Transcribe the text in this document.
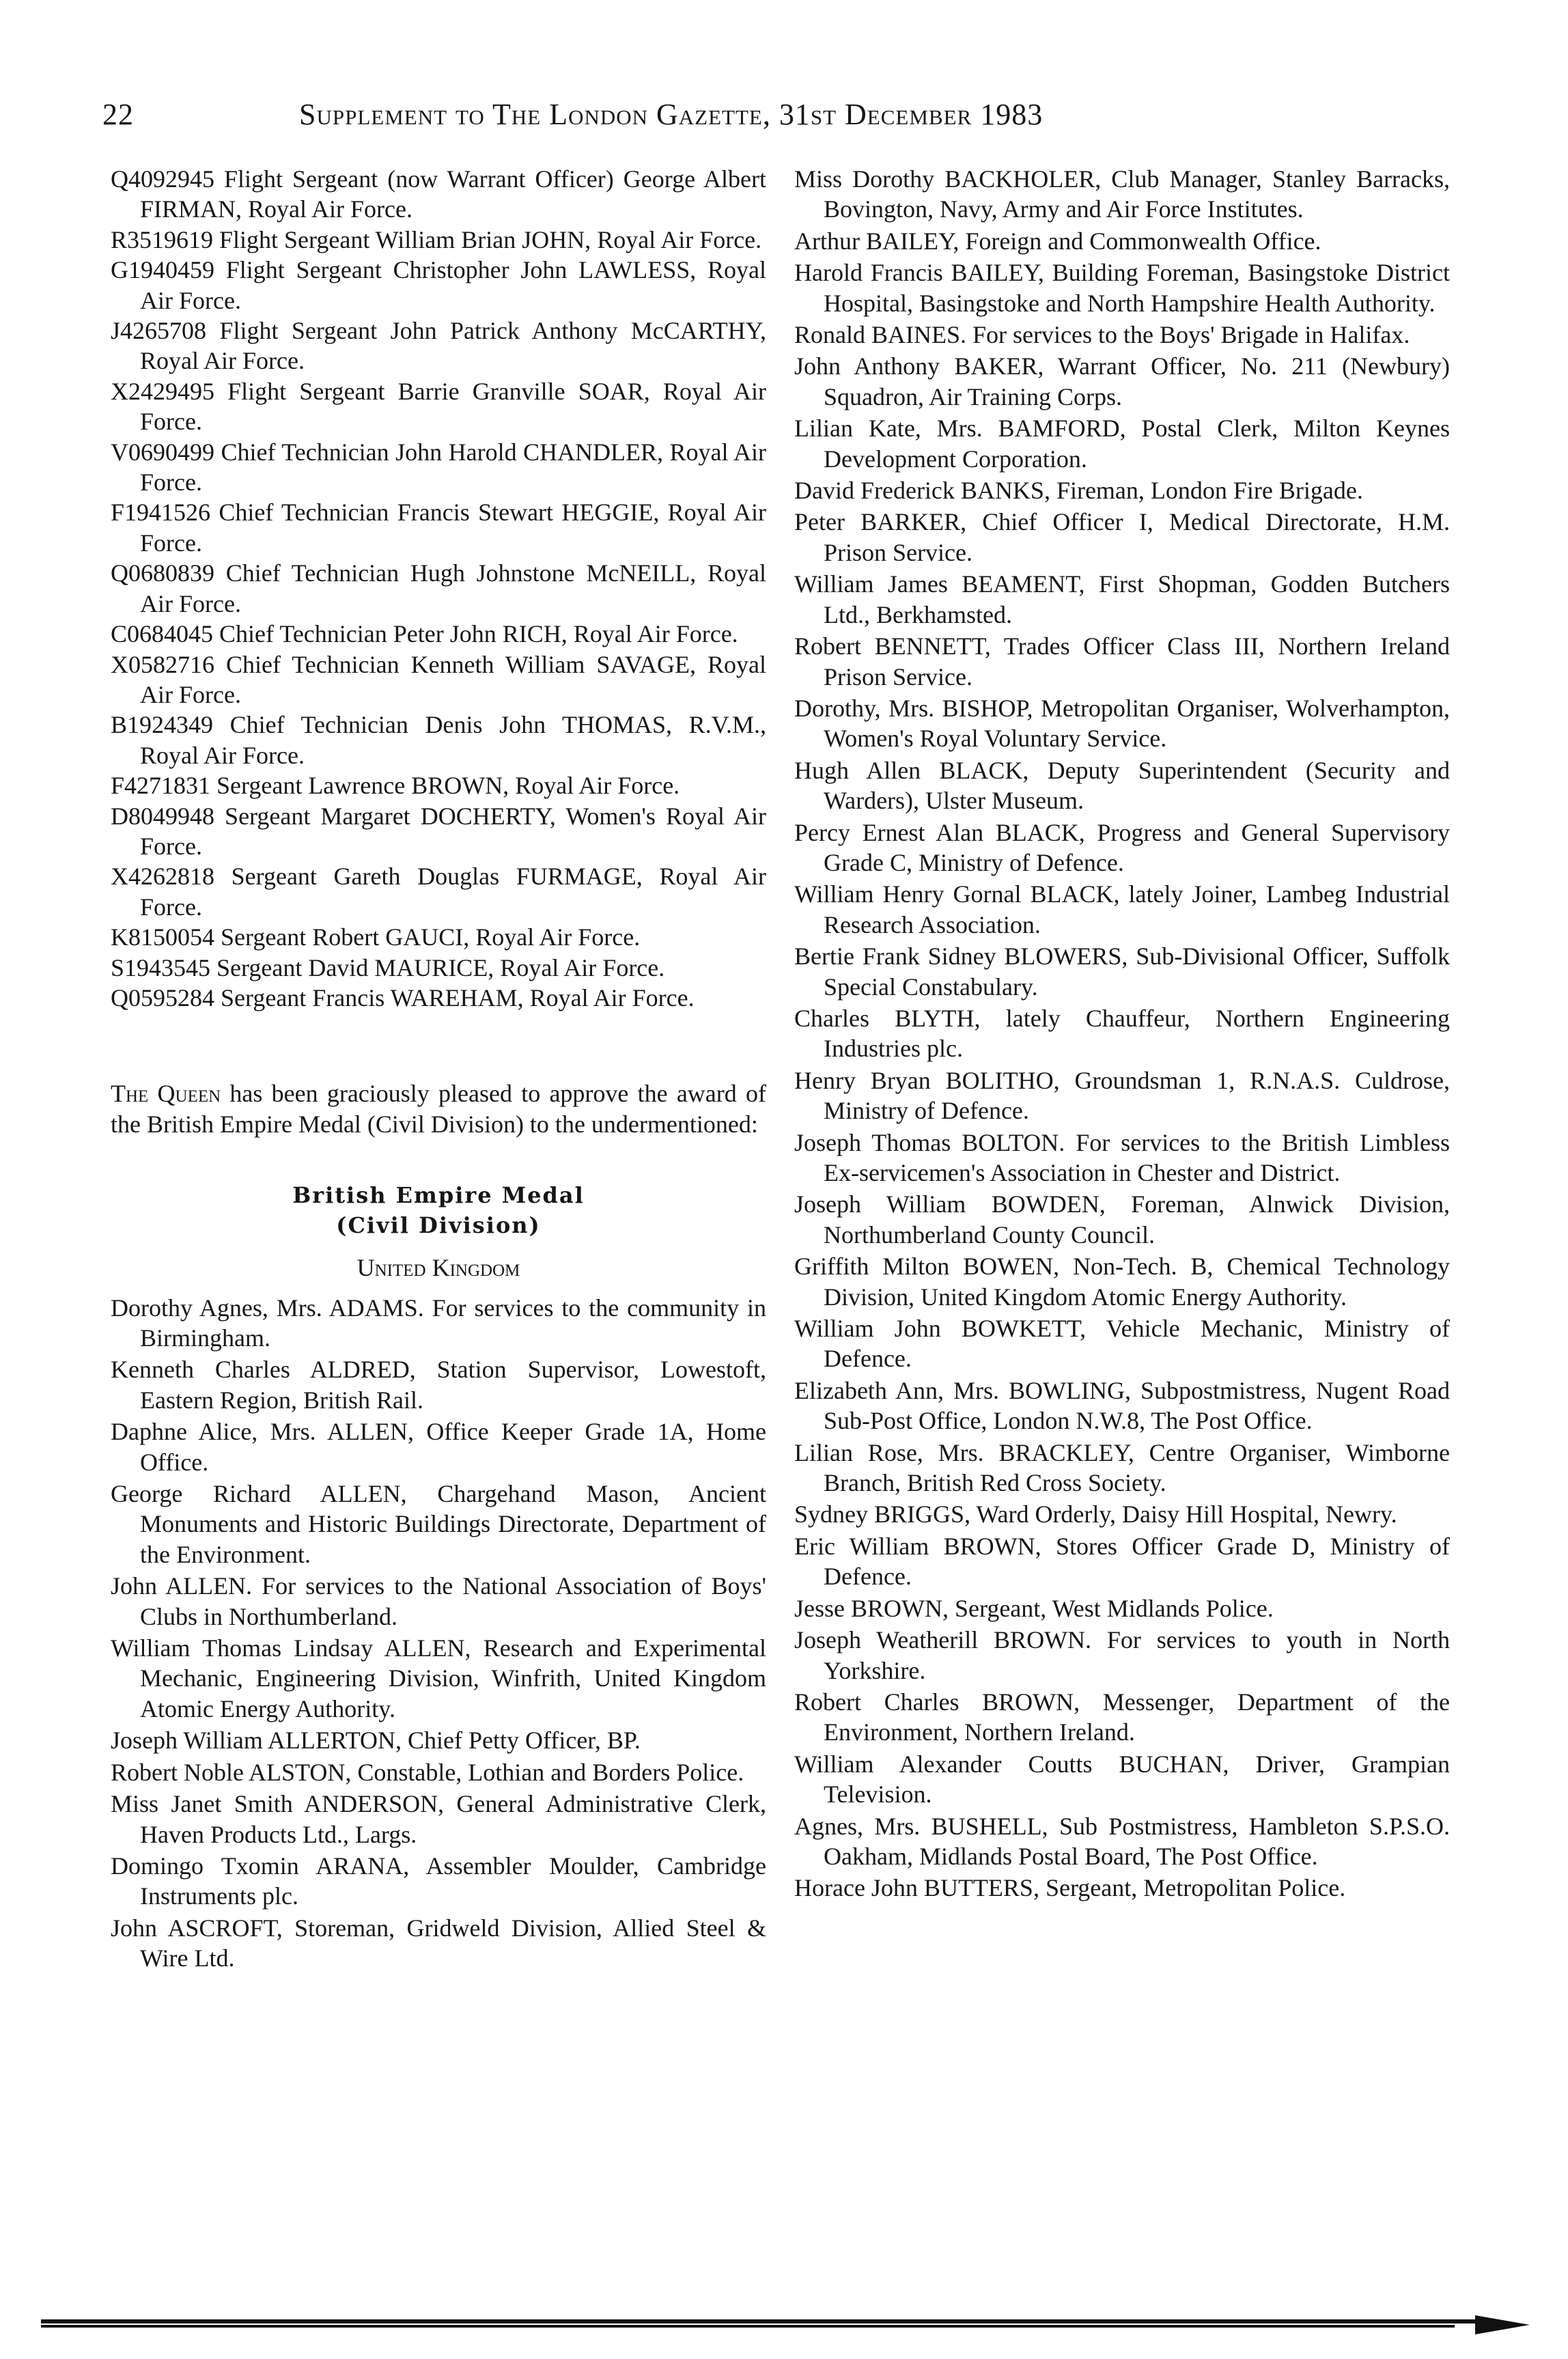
22	Supplement to The London Gazette, 31st December 1983

Q4092945 Flight Sergeant (now Warrant Officer) George Albert FIRMAN, Royal Air Force.

R3519619 Flight Sergeant William Brian JOHN, Royal Air Force.

G1940459 Flight Sergeant Christopher John LAWLESS, Royal Air Force.

J4265708 Flight Sergeant John Patrick Anthony McCARTHY, Royal Air Force.

X2429495 Flight Sergeant Barrie Granville SOAR, Royal Air Force.

V0690499 Chief Technician John Harold CHANDLER, Royal Air Force.

F1941526 Chief Technician Francis Stewart HEGGIE, Royal Air Force.

Q0680839 Chief Technician Hugh Johnstone McNEILL, Royal Air Force.

C0684045 Chief Technician Peter John RICH, Royal Air Force.

X0582716 Chief Technician Kenneth William SAVAGE, Royal Air Force.

B1924349 Chief Technician Denis John THOMAS, R.V.M., Royal Air Force.

F4271831 Sergeant Lawrence BROWN, Royal Air Force.

D8049948 Sergeant Margaret DOCHERTY, Women's Royal Air Force.

X4262818 Sergeant Gareth Douglas FURMAGE, Royal Air Force.

K8150054 Sergeant Robert GAUCI, Royal Air Force.

S1943545 Sergeant David MAURICE, Royal Air Force.

Q0595284 Sergeant Francis WAREHAM, Royal Air Force.

The Queen has been graciously pleased to approve the award of the British Empire Medal (Civil Division) to the undermentioned:

British Empire Medal
(Civil Division)
United Kingdom

Dorothy Agnes, Mrs. ADAMS. For services to the community in Birmingham.

Kenneth Charles ALDRED, Station Supervisor, Lowestoft, Eastern Region, British Rail.

Daphne Alice, Mrs. ALLEN, Office Keeper Grade 1A, Home Office.

George Richard ALLEN, Chargehand Mason, Ancient Monuments and Historic Buildings Directorate, Department of the Environment.

John ALLEN. For services to the National Association of Boys' Clubs in Northumberland.

William Thomas Lindsay ALLEN, Research and Experimental Mechanic, Engineering Division, Winfrith, United Kingdom Atomic Energy Authority.

Joseph William ALLERTON, Chief Petty Officer, BP.

Robert Noble ALSTON, Constable, Lothian and Borders Police.

Miss Janet Smith ANDERSON, General Administrative Clerk, Haven Products Ltd., Largs.

Domingo Txomin ARANA, Assembler Moulder, Cambridge Instruments plc.

John ASCROFT, Storeman, Gridweld Division, Allied Steel & Wire Ltd.

Miss Dorothy BACKHOLER, Club Manager, Stanley Barracks, Bovington, Navy, Army and Air Force Institutes.

Arthur BAILEY, Foreign and Commonwealth Office.

Harold Francis BAILEY, Building Foreman, Basingstoke District Hospital, Basingstoke and North Hampshire Health Authority.

Ronald BAINES. For services to the Boys' Brigade in Halifax.

John Anthony BAKER, Warrant Officer, No. 211 (Newbury) Squadron, Air Training Corps.

Lilian Kate, Mrs. BAMFORD, Postal Clerk, Milton Keynes Development Corporation.

David Frederick BANKS, Fireman, London Fire Brigade.

Peter BARKER, Chief Officer I, Medical Directorate, H.M. Prison Service.

William James BEAMENT, First Shopman, Godden Butchers Ltd., Berkhamsted.

Robert BENNETT, Trades Officer Class III, Northern Ireland Prison Service.

Dorothy, Mrs. BISHOP, Metropolitan Organiser, Wolverhampton, Women's Royal Voluntary Service.

Hugh Allen BLACK, Deputy Superintendent (Security and Warders), Ulster Museum.

Percy Ernest Alan BLACK, Progress and General Supervisory Grade C, Ministry of Defence.

William Henry Gornal BLACK, lately Joiner, Lambeg Industrial Research Association.

Bertie Frank Sidney BLOWERS, Sub-Divisional Officer, Suffolk Special Constabulary.

Charles BLYTH, lately Chauffeur, Northern Engineering Industries plc.

Henry Bryan BOLITHO, Groundsman 1, R.N.A.S. Culdrose, Ministry of Defence.

Joseph Thomas BOLTON. For services to the British Limbless Ex-servicemen's Association in Chester and District.

Joseph William BOWDEN, Foreman, Alnwick Division, Northumberland County Council.

Griffith Milton BOWEN, Non-Tech. B, Chemical Technology Division, United Kingdom Atomic Energy Authority.

William John BOWKETT, Vehicle Mechanic, Ministry of Defence.

Elizabeth Ann, Mrs. BOWLING, Subpostmistress, Nugent Road Sub-Post Office, London N.W.8, The Post Office.

Lilian Rose, Mrs. BRACKLEY, Centre Organiser, Wimborne Branch, British Red Cross Society.

Sydney BRIGGS, Ward Orderly, Daisy Hill Hospital, Newry.

Eric William BROWN, Stores Officer Grade D, Ministry of Defence.

Jesse BROWN, Sergeant, West Midlands Police.

Joseph Weatherill BROWN. For services to youth in North Yorkshire.

Robert Charles BROWN, Messenger, Department of the Environment, Northern Ireland.

William Alexander Coutts BUCHAN, Driver, Grampian Television.

Agnes, Mrs. BUSHELL, Sub Postmistress, Hambleton S.P.S.O. Oakham, Midlands Postal Board, The Post Office.

Horace John BUTTERS, Sergeant, Metropolitan Police.
